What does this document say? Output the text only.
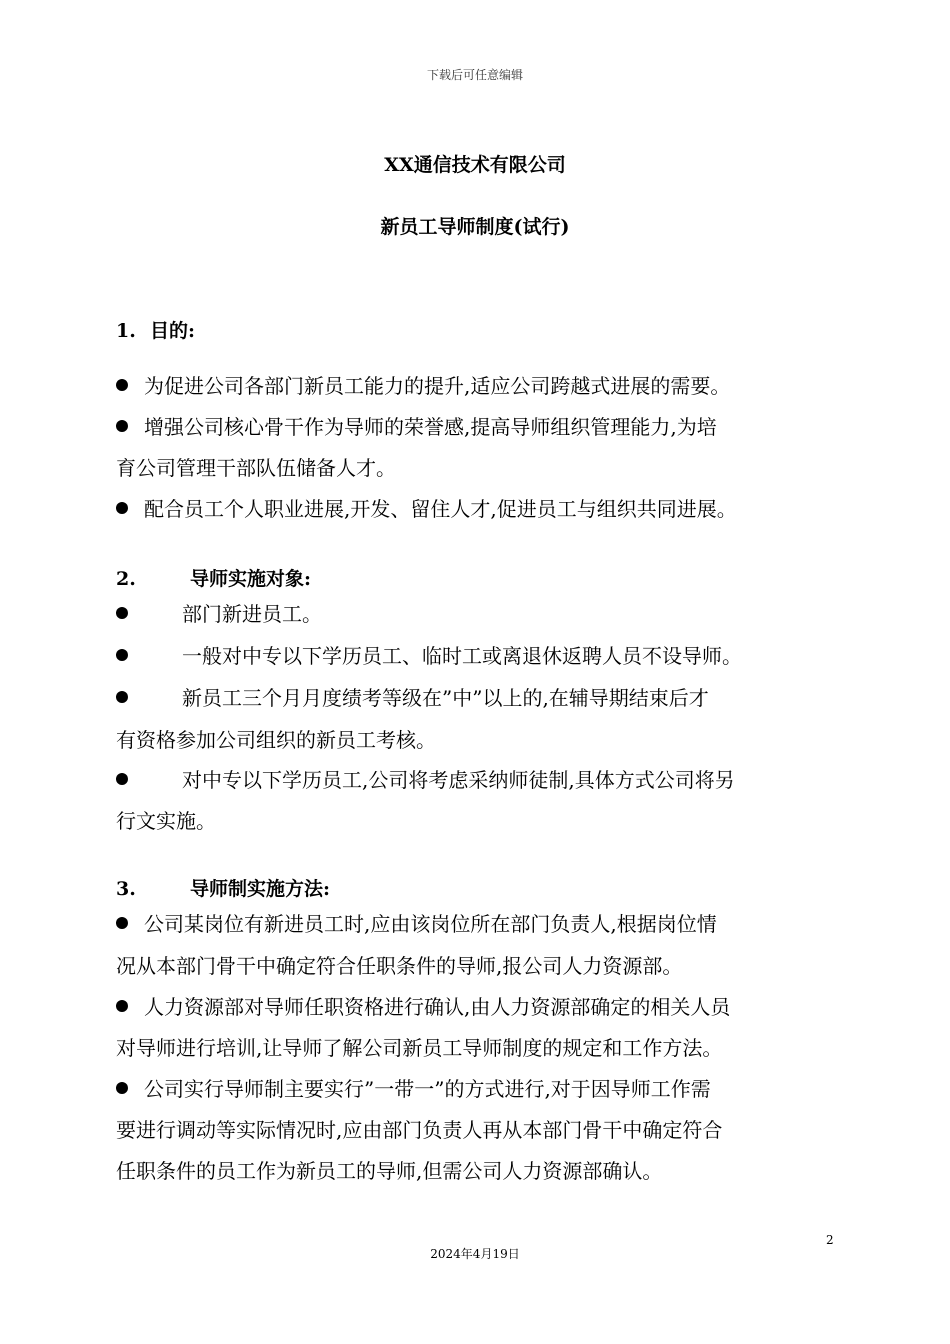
下载后可任意编辑
XX通信技术有限公司
新员工导师制度(试行)
1. 目的:
为促进公司各部门新员工能力的提升,适应公司跨越式进展的需要。
增强公司核心骨干作为导师的荣誉感,提高导师组织管理能力,为培
育公司管理干部队伍储备人才。
配合员工个人职业进展,开发、留住人才,促进员工与组织共同进展。
2.	导师实施对象:
部门新进员工。
一般对中专以下学历员工、临时工或离退休返聘人员不设导师。
新员工三个月月度绩考等级在”中”以上的,在辅导期结束后才
有资格参加公司组织的新员工考核。
对中专以下学历员工,公司将考虑采纳师徒制,具体方式公司将另
行文实施。
3.	导师制实施方法:
公司某岗位有新进员工时,应由该岗位所在部门负责人,根据岗位情
况从本部门骨干中确定符合任职条件的导师,报公司人力资源部。
人力资源部对导师任职资格进行确认,由人力资源部确定的相关人员
对导师进行培训,让导师了解公司新员工导师制度的规定和工作方法。
公司实行导师制主要实行”一带一”的方式进行,对于因导师工作需
要进行调动等实际情况时,应由部门负责人再从本部门骨干中确定符合
任职条件的员工作为新员工的导师,但需公司人力资源部确认。
2
2024年4月19日
